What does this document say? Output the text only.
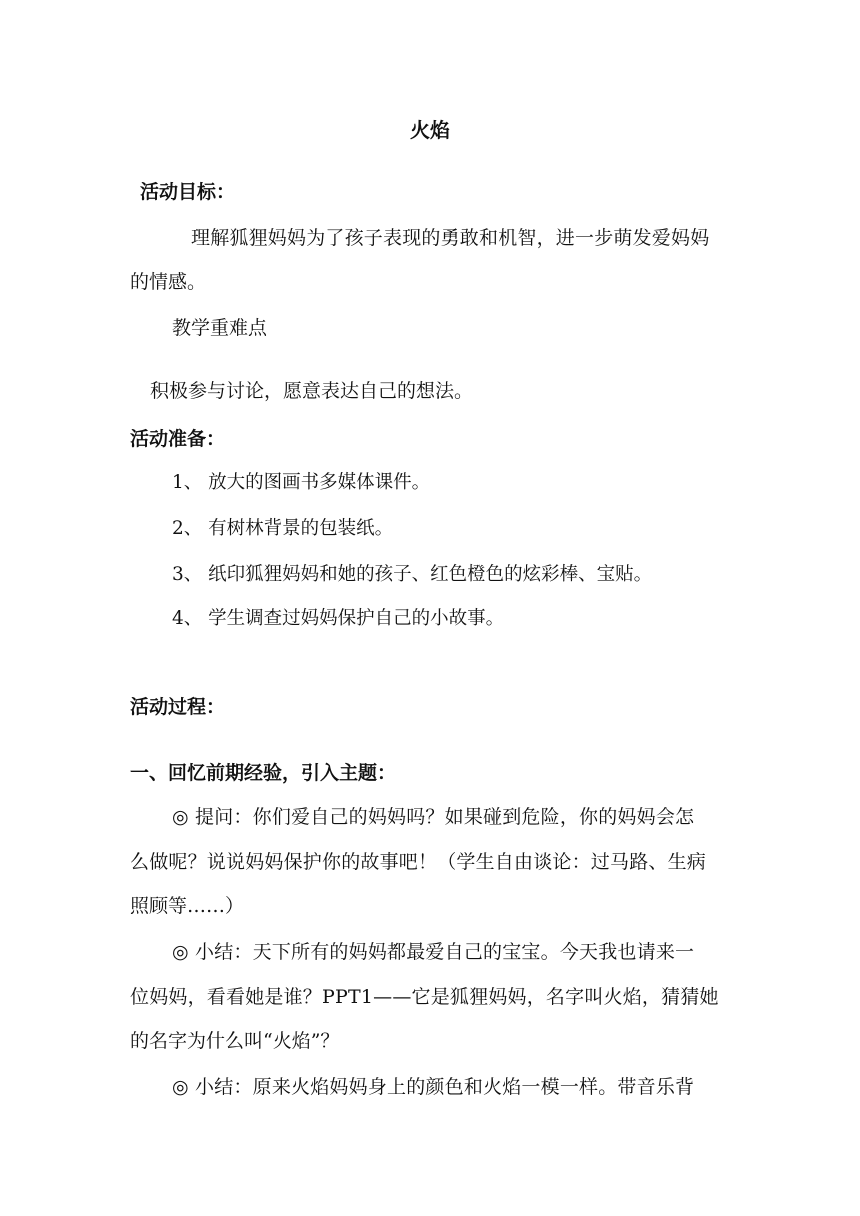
火焰
活动目标：
理解狐狸妈妈为了孩子表现的勇敢和机智，进一步萌发爱妈妈
的情感。
教学重难点
积极参与讨论，愿意表达自己的想法。
活动准备：
1、 放大的图画书多媒体课件。
2、 有树林背景的包装纸。
3、 纸印狐狸妈妈和她的孩子、红色橙色的炫彩棒、宝贴。
4、 学生调查过妈妈保护自己的小故事。
活动过程：
一、回忆前期经验，引入主题：
◎ 提问：你们爱自己的妈妈吗？如果碰到危险，你的妈妈会怎
么做呢？说说妈妈保护你的故事吧！（学生自由谈论：过马路、生病
照顾等……）
◎ 小结：天下所有的妈妈都最爱自己的宝宝。今天我也请来一
位妈妈，看看她是谁？PPT1——它是狐狸妈妈，名字叫火焰，猜猜她
的名字为什么叫“火焰”？
◎ 小结：原来火焰妈妈身上的颜色和火焰一模一样。带音乐背
